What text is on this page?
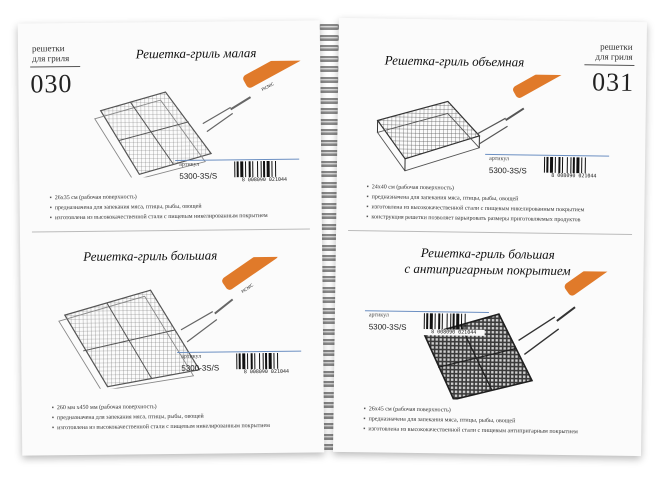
решетки
для гриля
030
Решетка-гриль малая
PICNIC
артикул
5300-3S/S	8 008090 021044
▪ 26x35 см (рабочая поверхность)
▪ предназначена для запекания мяса, птицы, рыбы, овощей
▪ изготовлена из высококачественной стали с пищевым никелированным покрытием
Решетка-гриль большая
PICNIC
артикул
5300-3S/S	8 008090 021044
▪ 260 мм x450 мм (рабочая поверхность)
▪ предназначена для запекания мяса, птицы, рыбы, овощей
▪ изготовлена из высококачественной стали с пищевым никелированным покрытием
решетки
для гриля
031
Решетка-гриль объемная
артикул
5300-3S/S
8 008090 021044
▪ 24x40 см (рабочая поверхность)
▪ предназначена для запекания мяса, птицы, рыбы, овощей
▪ изготовлена из высококачественной стали с пищевым никелированным покрытием
▪ конструкция решетки позволяет варьировать размеры приготовляемых продуктов
Решетка-гриль большая
с антипригарным покрытием
артикул
5300-3S/S
8 008090 021044
▪ 26x45 см (рабочая поверхность)
▪ предназначена для запекания мяса, птицы, рыбы, овощей
▪ изготовлена из высококачественной стали с пищевым антипригарным покрытием
